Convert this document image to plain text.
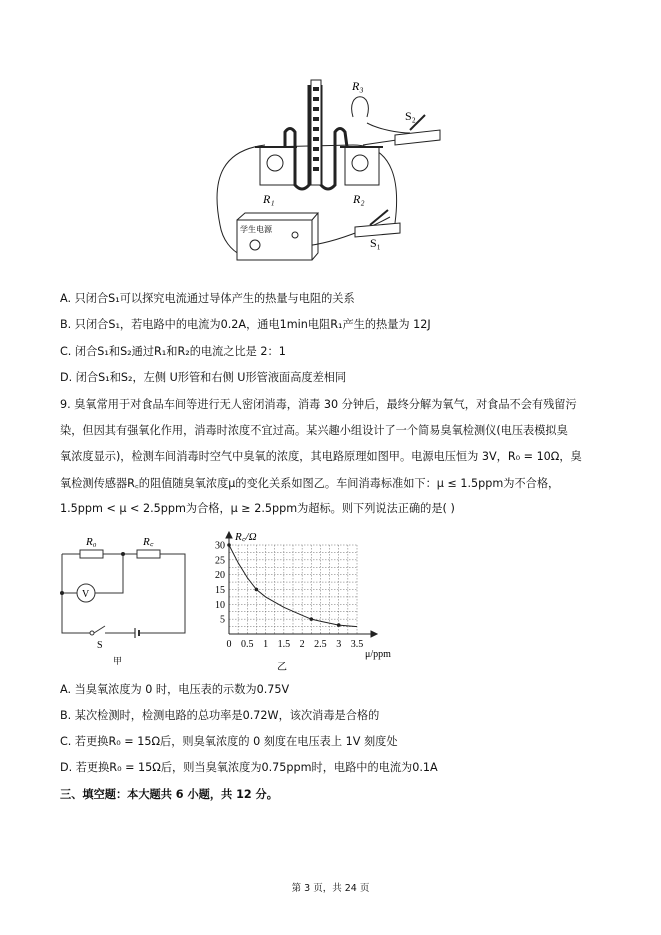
R₁	R₂
R₃
S₂
S₁
学生电源
A. 只闭合S₁可以探究电流通过导体产生的热量与电阻的关系
B. 只闭合S₁，若电路中的电流为0.2A，通电1min电阻R₁产生的热量为 12J
C. 闭合S₁和S₂通过R₁和R₂的电流之比是 2：1
D. 闭合S₁和S₂，左侧 U形管和右侧 U形管液面高度差相同
9. 臭氧常用于对食品车间等进行无人密闭消毒，消毒 30 分钟后，最终分解为氧气，对食品不会有残留污
染，但因其有强氧化作用，消毒时浓度不宜过高。某兴趣小组设计了一个简易臭氧检测仪(电压表模拟臭
氧浓度显示)，检测车间消毒时空气中臭氧的浓度，其电路原理如图甲。电源电压恒为 3V，R₀ = 10Ω，臭
氧检测传感器R꜀的阻值随臭氧浓度μ的变化关系如图乙。车间消毒标准如下：μ ≤ 1.5ppm为不合格，
1.5ppm < μ < 2.5ppm为合格，μ ≥ 2.5ppm为超标。则下列说法正确的是( )
R₀	R꜀
V
S
甲
0 0.5 1 1.5 2 2.5 3 3.5
5
10
15
20
25
30
R꜀/Ω
μ/ppm
乙
A. 当臭氧浓度为 0 时，电压表的示数为0.75V
B. 某次检测时，检测电路的总功率是0.72W，该次消毒是合格的
C. 若更换R₀ = 15Ω后，则臭氧浓度的 0 刻度在电压表上 1V 刻度处
D. 若更换R₀ = 15Ω后，则当臭氧浓度为0.75ppm时，电路中的电流为0.1A
三、填空题：本大题共 6 小题，共 12 分。
第 3 页，共 24 页
